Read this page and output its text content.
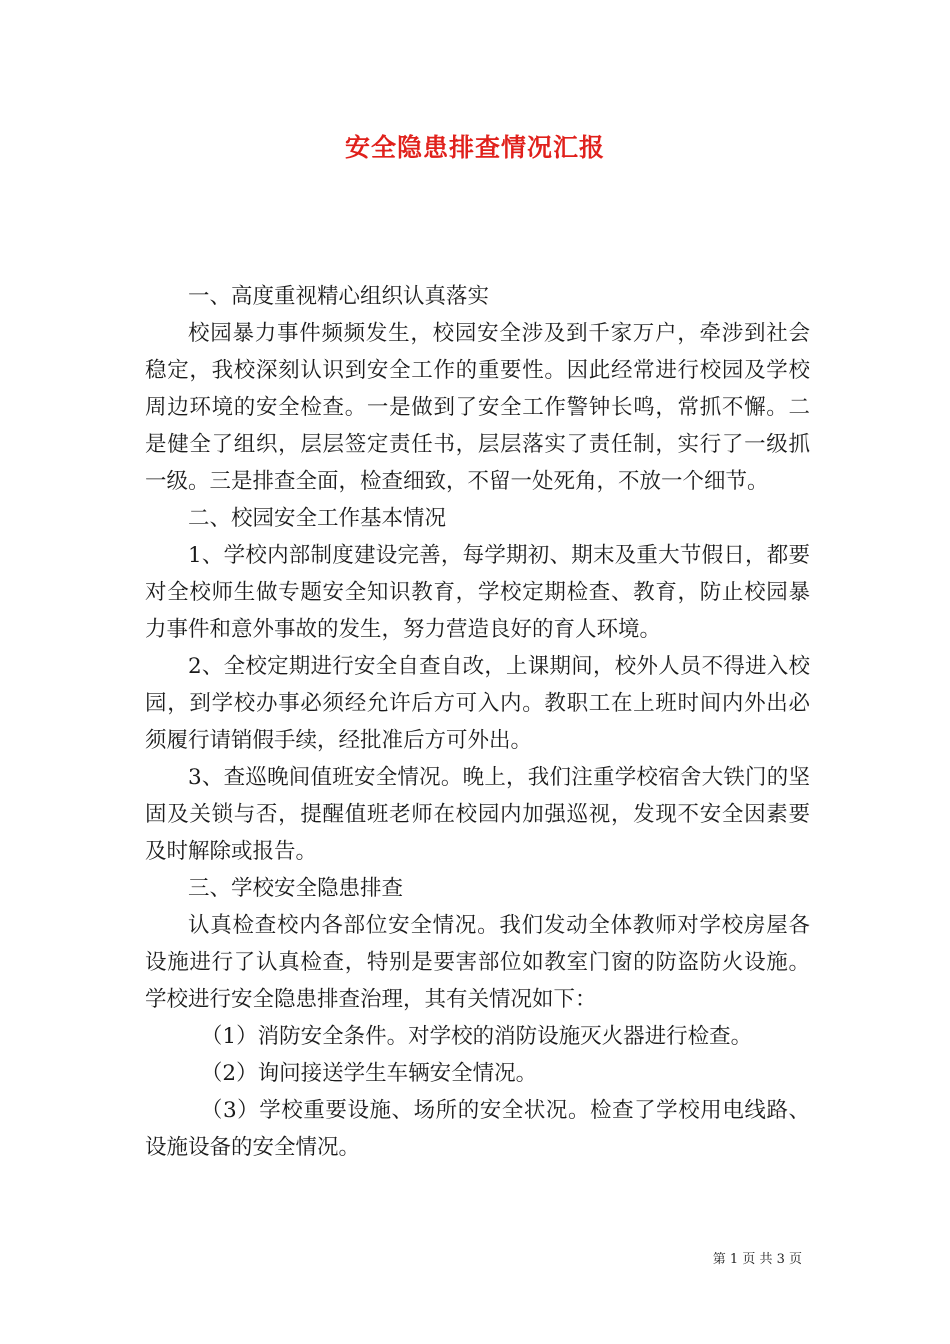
安全隐患排查情况汇报

一、高度重视精心组织认真落实

校园暴力事件频频发生，校园安全涉及到千家万户，牵涉到社会稳定，我校深刻认识到安全工作的重要性。因此经常进行校园及学校周边环境的安全检查。一是做到了安全工作警钟长鸣，常抓不懈。二是健全了组织，层层签定责任书，层层落实了责任制，实行了一级抓一级。三是排查全面，检查细致，不留一处死角，不放一个细节。

二、校园安全工作基本情况

1、学校内部制度建设完善，每学期初、期末及重大节假日，都要对全校师生做专题安全知识教育，学校定期检查、教育，防止校园暴力事件和意外事故的发生，努力营造良好的育人环境。

2、全校定期进行安全自查自改，上课期间，校外人员不得进入校园，到学校办事必须经允许后方可入内。教职工在上班时间内外出必须履行请销假手续，经批准后方可外出。

3、查巡晚间值班安全情况。晚上，我们注重学校宿舍大铁门的坚固及关锁与否，提醒值班老师在校园内加强巡视，发现不安全因素要及时解除或报告。

三、学校安全隐患排查

认真检查校内各部位安全情况。我们发动全体教师对学校房屋各设施进行了认真检查，特别是要害部位如教室门窗的防盗防火设施。学校进行安全隐患排查治理，其有关情况如下：

（1）消防安全条件。对学校的消防设施灭火器进行检查。

（2）询问接送学生车辆安全情况。

（3）学校重要设施、场所的安全状况。检查了学校用电线路、设施设备的安全情况。

第 1 页 共 3 页
